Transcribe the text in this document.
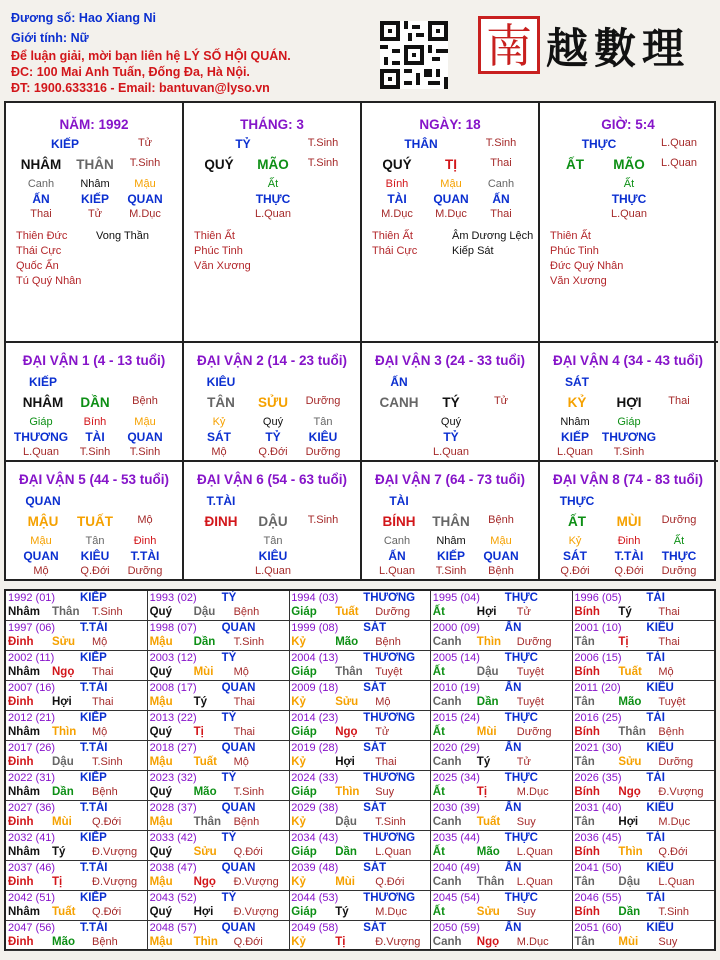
Đương số: Hao Xiang Ni
Giới tính: Nữ
Để luận giải, mời bạn liên hệ LÝ SỐ HỘI QUÁN.
ĐC: 100 Mai Anh Tuấn, Đống Đa, Hà Nội.
ĐT: 1900.633316 - Email: bantuvan@lyso.vn
南 越數理
NĂM: 1992
KIẾP	Tử
NHÂM	THÂN	T.Sinh
Canh
ẤN
Thai
Nhâm
KIẾP
Tử
Mậu
QUAN
M.Dục
Thiên Đức
Thái Cực
Quốc Ấn
Tú Quý Nhân
Vong Thần
THÁNG: 3
TỶ	T.Sinh
QUÝ	MÃO	T.Sinh
Ất
THỰC
L.Quan
Thiên Ất
Phúc Tinh
Văn Xương
NGÀY: 18
THÂN	T.Sinh
QUÝ	TỊ	Thai
Bính
TÀI
M.Dục
Mậu
QUAN
M.Dục
Canh
ẤN
Thai
Thiên Ất
Thái Cực
Âm Dương Lệch
Kiếp Sát
GIỜ: 5:4
THỰC	L.Quan
ẤT	MÃO	L.Quan
Ất
THỰC
L.Quan
Thiên Ất
Phúc Tinh
Đức Quý Nhân
Văn Xương
ĐẠI VẬN 1 (4 - 13 tuổi)
KIẾP
NHÂM	DẦN	Bệnh
Giáp
THƯƠNG
L.Quan
Bính
TÀI
T.Sinh
Mậu
QUAN
T.Sinh
ĐẠI VẬN 2 (14 - 23 tuổi)
KIÊU
TÂN	SỬU	Dưỡng
Kỷ
SÁT
Mộ
Quý
TỶ
Q.Đới
Tân
KIÊU
Dưỡng
ĐẠI VẬN 3 (24 - 33 tuổi)
ẤN
CANH	TÝ	Tử
Quý
TỶ
L.Quan
ĐẠI VẬN 4 (34 - 43 tuổi)
SÁT
KỶ	HỢI	Thai
Nhâm
KIẾP
L.Quan
Giáp
THƯƠNG
T.Sinh
ĐẠI VẬN 5 (44 - 53 tuổi)
QUAN
MẬU	TUẤT	Mộ
Mậu
QUAN
Mộ
Tân
KIÊU
Q.Đới
Đinh
T.TÀI
Dưỡng
ĐẠI VẬN 6 (54 - 63 tuổi)
T.TÀI
ĐINH	DẬU	T.Sinh
Tân
KIÊU
L.Quan
ĐẠI VẬN 7 (64 - 73 tuổi)
TÀI
BÍNH	THÂN	Bệnh
Canh
ẤN
L.Quan
Nhâm
KIẾP
T.Sinh
Mậu
QUAN
Bệnh
ĐẠI VẬN 8 (74 - 83 tuổi)
THỰC
ẤT	MÙI	Dưỡng
Kỷ
SÁT
Q.Đới
Đinh
T.TÀI
Q.Đới
Ất
THỰC
Dưỡng
1992 (01) KIẾP
Nhâm Thân T.Sinh
1993 (02) TỶ
Quý Dậu Bệnh
1994 (03) THƯƠNG
Giáp Tuất Dưỡng
1995 (04) THỰC
Ất	Hợi Tử
1996 (05) TÀI
Bính Tý Thai
1997 (06) T.TÀI
Đinh Sửu Mộ
1998 (07) QUAN
Mậu Dần T.Sinh
1999 (08) SÁT
Kỷ	Mão Bệnh
2000 (09) ẤN
Canh Thìn Dưỡng
2001 (10) KIÊU
Tân Tị	Thai
2002 (11) KIẾP
Nhâm Ngọ Thai
2003 (12) TỶ
Quý Mùi Mộ
2004 (13) THƯƠNG
Giáp Thân Tuyệt
2005 (14) THỰC
Ất	Dậu Tuyệt
2006 (15) TÀI
Bính Tuất Mộ
2007 (16) T.TÀI
Đinh Hợi Thai
2008 (17) QUAN
Mậu Tý Thai
2009 (18) SÁT
Kỷ	Sửu Mộ
2010 (19) ẤN
Canh Dần Tuyệt
2011 (20) KIÊU
Tân Mão Tuyệt
2012 (21) KIẾP
Nhâm Thìn Mộ
2013 (22) TỶ
Quý Tị	Thai
2014 (23) THƯƠNG
Giáp Ngọ Tử
2015 (24) THỰC
Ất	Mùi Dưỡng
2016 (25) TÀI
Bính Thân Bệnh
2017 (26) T.TÀI
Đinh Dậu T.Sinh
2018 (27) QUAN
Mậu Tuất Mộ
2019 (28) SÁT
Kỷ	Hợi Thai
2020 (29) ẤN
Canh Tý Tử
2021 (30) KIÊU
Tân Sửu Dưỡng
2022 (31) KIẾP
Nhâm Dần Bệnh
2023 (32) TỶ
Quý Mão T.Sinh
2024 (33) THƯƠNG
Giáp Thìn Suy
2025 (34) THỰC
Ất	Tị	M.Dục
2026 (35) TÀI
Bính Ngọ Đ.Vượng
2027 (36) T.TÀI
Đinh Mùi Q.Đới
2028 (37) QUAN
Mậu Thân Bệnh
2029 (38) SÁT
Kỷ	Dậu T.Sinh
2030 (39) ẤN
Canh Tuất Suy
2031 (40) KIÊU
Tân Hợi M.Dục
2032 (41) KIẾP
Nhâm Tý Đ.Vượng
2033 (42) TỶ
Quý Sửu Q.Đới
2034 (43) THƯƠNG
Giáp Dần L.Quan
2035 (44) THỰC
Ất	Mão L.Quan
2036 (45) TÀI
Bính Thìn Q.Đới
2037 (46) T.TÀI
Đinh Tị	Đ.Vượng
2038 (47) QUAN
Mậu Ngọ Đ.Vượng
2039 (48) SÁT
Kỷ	Mùi Q.Đới
2040 (49) ẤN
Canh Thân L.Quan
2041 (50) KIÊU
Tân Dậu L.Quan
2042 (51) KIẾP
Nhâm Tuất Q.Đới
2043 (52) TỶ
Quý Hợi Đ.Vượng
2044 (53) THƯƠNG
Giáp Tý M.Dục
2045 (54) THỰC
Ất	Sửu Suy
2046 (55) TÀI
Bính Dần T.Sinh
2047 (56) T.TÀI
Đinh Mão Bệnh
2048 (57) QUAN
Mậu Thìn Q.Đới
2049 (58) SÁT
Kỷ	Tị	Đ.Vượng
2050 (59) ẤN
Canh Ngọ M.Dục
2051 (60) KIÊU
Tân Mùi Suy
